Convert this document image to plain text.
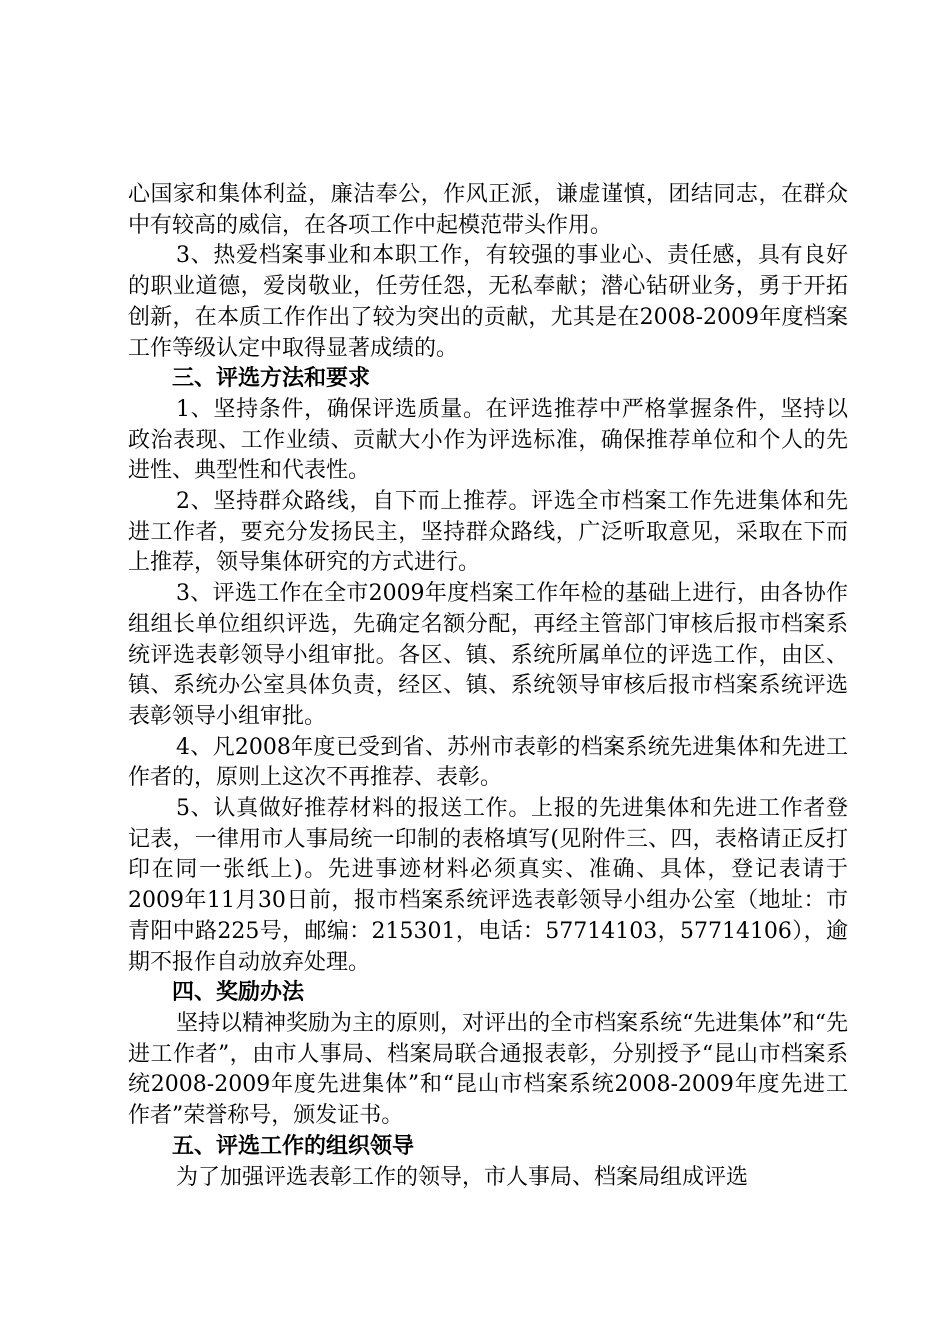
心国家和集体利益，廉洁奉公，作风正派，谦虚谨慎，团结同志，在群众中有较高的威信，在各项工作中起模范带头作用。

3、热爱档案事业和本职工作，有较强的事业心、责任感，具有良好的职业道德，爱岗敬业，任劳任怨，无私奉献；潜心钻研业务，勇于开拓创新，在本质工作作出了较为突出的贡献，尤其是在2008-2009年度档案工作等级认定中取得显著成绩的。

三、评选方法和要求

1、坚持条件，确保评选质量。在评选推荐中严格掌握条件，坚持以政治表现、工作业绩、贡献大小作为评选标准，确保推荐单位和个人的先进性、典型性和代表性。

2、坚持群众路线，自下而上推荐。评选全市档案工作先进集体和先进工作者，要充分发扬民主，坚持群众路线，广泛听取意见，采取在下而上推荐，领导集体研究的方式进行。

3、评选工作在全市2009年度档案工作年检的基础上进行，由各协作组组长单位组织评选，先确定名额分配，再经主管部门审核后报市档案系统评选表彰领导小组审批。各区、镇、系统所属单位的评选工作，由区、镇、系统办公室具体负责，经区、镇、系统领导审核后报市档案系统评选表彰领导小组审批。

4、凡2008年度已受到省、苏州市表彰的档案系统先进集体和先进工作者的，原则上这次不再推荐、表彰。

5、认真做好推荐材料的报送工作。上报的先进集体和先进工作者登记表，一律用市人事局统一印制的表格填写(见附件三、四，表格请正反打印在同一张纸上)。先进事迹材料必须真实、准确、具体，登记表请于2009年11月30日前，报市档案系统评选表彰领导小组办公室（地址：市青阳中路225号，邮编：215301，电话：57714103，57714106），逾期不报作自动放弃处理。

四、奖励办法

坚持以精神奖励为主的原则，对评出的全市档案系统“先进集体”和“先进工作者”，由市人事局、档案局联合通报表彰，分别授予“昆山市档案系统2008-2009年度先进集体”和“昆山市档案系统2008-2009年度先进工作者”荣誉称号，颁发证书。

五、评选工作的组织领导

为了加强评选表彰工作的领导，市人事局、档案局组成评选
